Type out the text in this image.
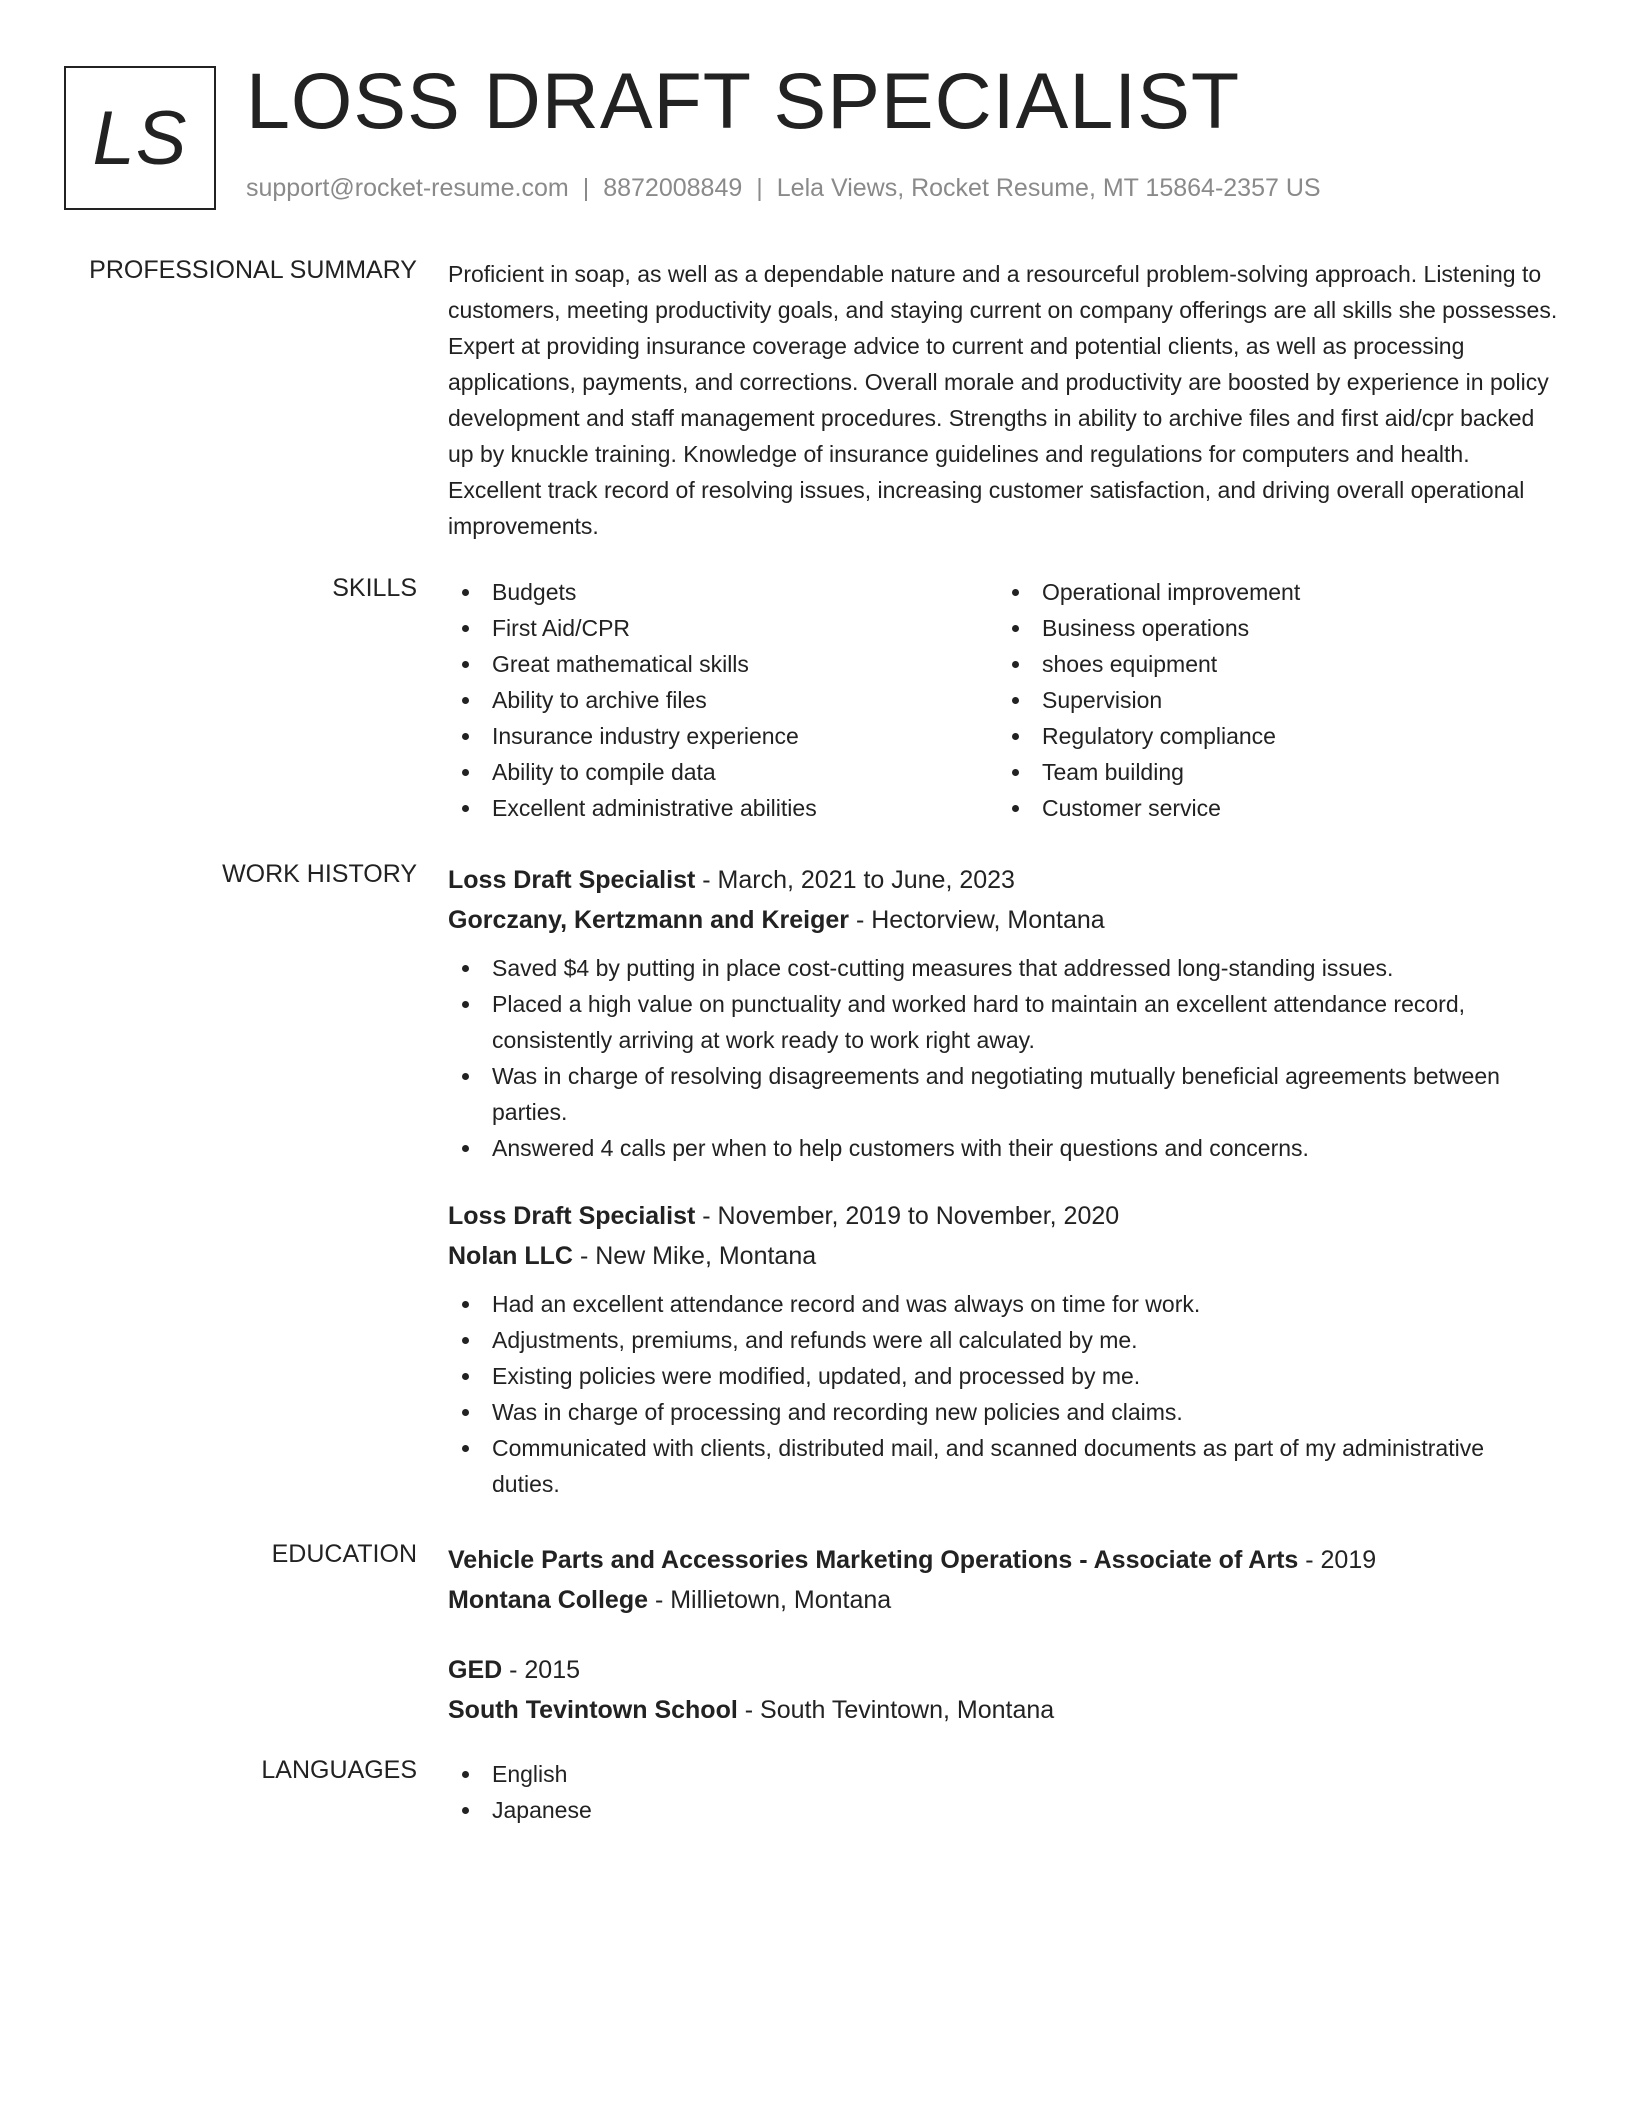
LS LOSS DRAFT SPECIALIST
support@rocket-resume.com | 8872008849 | Lela Views, Rocket Resume, MT 15864-2357 US
PROFESSIONAL SUMMARY Proficient in soap, as well as a dependable nature and a resourceful problem-solving approach. Listening to customers, meeting productivity goals, and staying current on company offerings are all skills she possesses. Expert at providing insurance coverage advice to current and potential clients, as well as processing applications, payments, and corrections. Overall morale and productivity are boosted by experience in policy development and staff management procedures. Strengths in ability to archive files and first aid/cpr backed up by knuckle training. Knowledge of insurance guidelines and regulations for computers and health. Excellent track record of resolving issues, increasing customer satisfaction, and driving overall operational improvements.
SKILLS	Budgets
First Aid/CPR
Great mathematical skills
Ability to archive files
Insurance industry experience
Ability to compile data
Excellent administrative abilities
Operational improvement
Business operations
shoes equipment
Supervision
Regulatory compliance
Team building
Customer service
WORK HISTORY Loss Draft Specialist - March, 2021 to June, 2023
Gorczany, Kertzmann and Kreiger - Hectorview, Montana
Saved $4 by putting in place cost-cutting measures that addressed long-standing issues.
Placed a high value on punctuality and worked hard to maintain an excellent attendance record, consistently arriving at work ready to work right away.
Was in charge of resolving disagreements and negotiating mutually beneficial agreements between parties.
Answered 4 calls per when to help customers with their questions and concerns.
Loss Draft Specialist - November, 2019 to November, 2020
Nolan LLC - New Mike, Montana
Had an excellent attendance record and was always on time for work.
Adjustments, premiums, and refunds were all calculated by me.
Existing policies were modified, updated, and processed by me.
Was in charge of processing and recording new policies and claims.
Communicated with clients, distributed mail, and scanned documents as part of my administrative duties.
EDUCATION Vehicle Parts and Accessories Marketing Operations - Associate of Arts - 2019
Montana College - Millietown, Montana
GED - 2015
South Tevintown School - South Tevintown, Montana
LANGUAGES	English
Japanese
